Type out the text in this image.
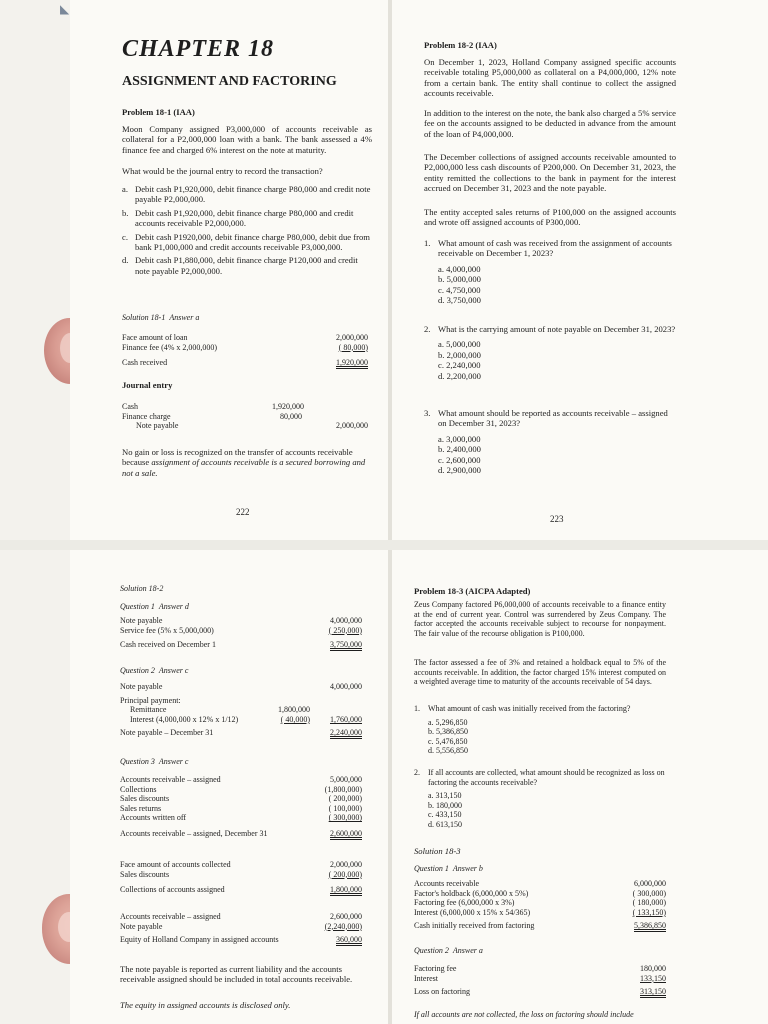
◣
CHAPTER 18
ASSIGNMENT AND FACTORING
Problem 18-1 (IAA)
Moon Company assigned P3,000,000 of accounts receivable as collateral for a P2,000,000 loan with a bank. The bank assessed a 4% finance fee and charged 6% interest on the note at maturity.
What would be the journal entry to record the transaction?
a. Debit cash P1,920,000, debit finance charge P80,000 and credit note payable P2,000,000.
b. Debit cash P1,920,000, debit finance charge P80,000 and credit accounts receivable P2,000,000.
c. Debit cash P1920,000, debit finance charge P80,000, debit due from bank P1,000,000 and credit accounts receivable P3,000,000.
d. Debit cash P1,880,000, debit finance charge P120,000 and credit note payable P2,000,000.
Solution 18-1 Answer a
Face amount of loan	2,000,000
Finance fee (4% x 2,000,000)	( 80,000)
Cash received	1,920,000
Journal entry
Cash	1,920,000
Finance charge	80,000
Note payable	2,000,000
No gain or loss is recognized on the transfer of accounts receivable because assignment of accounts receivable is a secured borrowing and not a sale.
222
Problem 18-2 (IAA)
On December 1, 2023, Holland Company assigned specific accounts receivable totaling P5,000,000 as collateral on a P4,000,000, 12% note from a certain bank. The entity shall continue to collect the assigned accounts receivable.
In addition to the interest on the note, the bank also charged a 5% service fee on the accounts assigned to be deducted in advance from the amount of the loan of P4,000,000.
The December collections of assigned accounts receivable amounted to P2,000,000 less cash discounts of P200,000. On December 31, 2023, the entity remitted the collections to the bank in payment for the interest accrued on December 31, 2023 and the note payable.
The entity accepted sales returns of P100,000 on the assigned accounts and wrote off assigned accounts of P300,000.
1. What amount of cash was received from the assignment of accounts receivable on December 1, 2023?
a. 4,000,000
b. 5,000,000
c. 4,750,000
d. 3,750,000
2. What is the carrying amount of note payable on December 31, 2023?
a. 5,000,000
b. 2,000,000
c. 2,240,000
d. 2,200,000
3. What amount should be reported as accounts receivable – assigned on December 31, 2023?
a. 3,000,000
b. 2,400,000
c. 2,600,000
d. 2,900,000
223
Solution 18-2
Question 1 Answer d
Note payable	4,000,000
Service fee (5% x 5,000,000)	( 250,000)
Cash received on December 1	3,750,000
Question 2 Answer c
Note payable	4,000,000
Principal payment:
Remittance	1,800,000
Interest (4,000,000 x 12% x 1/12)	( 40,000)	1,760,000
Note payable – December 31	2,240,000
Question 3 Answer c
Accounts receivable – assigned	5,000,000
Collections	(1,800,000)
Sales discounts	( 200,000)
Sales returns	( 100,000)
Accounts written off	( 300,000)
Accounts receivable – assigned, December 31	2,600,000
Face amount of accounts collected	2,000,000
Sales discounts	( 200,000)
Collections of accounts assigned	1,800,000
Accounts receivable – assigned	2,600,000
Note payable	(2,240,000)
Equity of Holland Company in assigned accounts	360,000
The note payable is reported as current liability and the accounts receivable assigned should be included in total accounts receivable.
The equity in assigned accounts is disclosed only.
Problem 18-3 (AICPA Adapted)
Zeus Company factored P6,000,000 of accounts receivable to a finance entity at the end of current year. Control was surrendered by Zeus Company. The factor accepted the accounts receivable subject to recourse for nonpayment. The fair value of the recourse obligation is P100,000.
The factor assessed a fee of 3% and retained a holdback equal to 5% of the accounts receivable. In addition, the factor charged 15% interest computed on a weighted average time to maturity of the accounts receivable of 54 days.
1.	What amount of cash was initially received from the factoring?
a. 5,296,850
b. 5,386,850
c. 5,476,850
d. 5,556,850
2.	If all accounts are collected, what amount should be recognized as loss on factoring the accounts receivable?
a. 313,150
b. 180,000
c. 433,150
d. 613,150
Solution 18-3
Question 1 Answer b
Accounts receivable	6,000,000
Factor's holdback (6,000,000 x 5%)	( 300,000)
Factoring fee (6,000,000 x 3%)	( 180,000)
Interest (6,000,000 x 15% x 54/365)	( 133,150)
Cash initially received from factoring	5,386,850
Question 2 Answer a
Factoring fee	180,000
Interest	133,150
Loss on factoring	313,150
If all accounts are not collected, the loss on factoring should include
